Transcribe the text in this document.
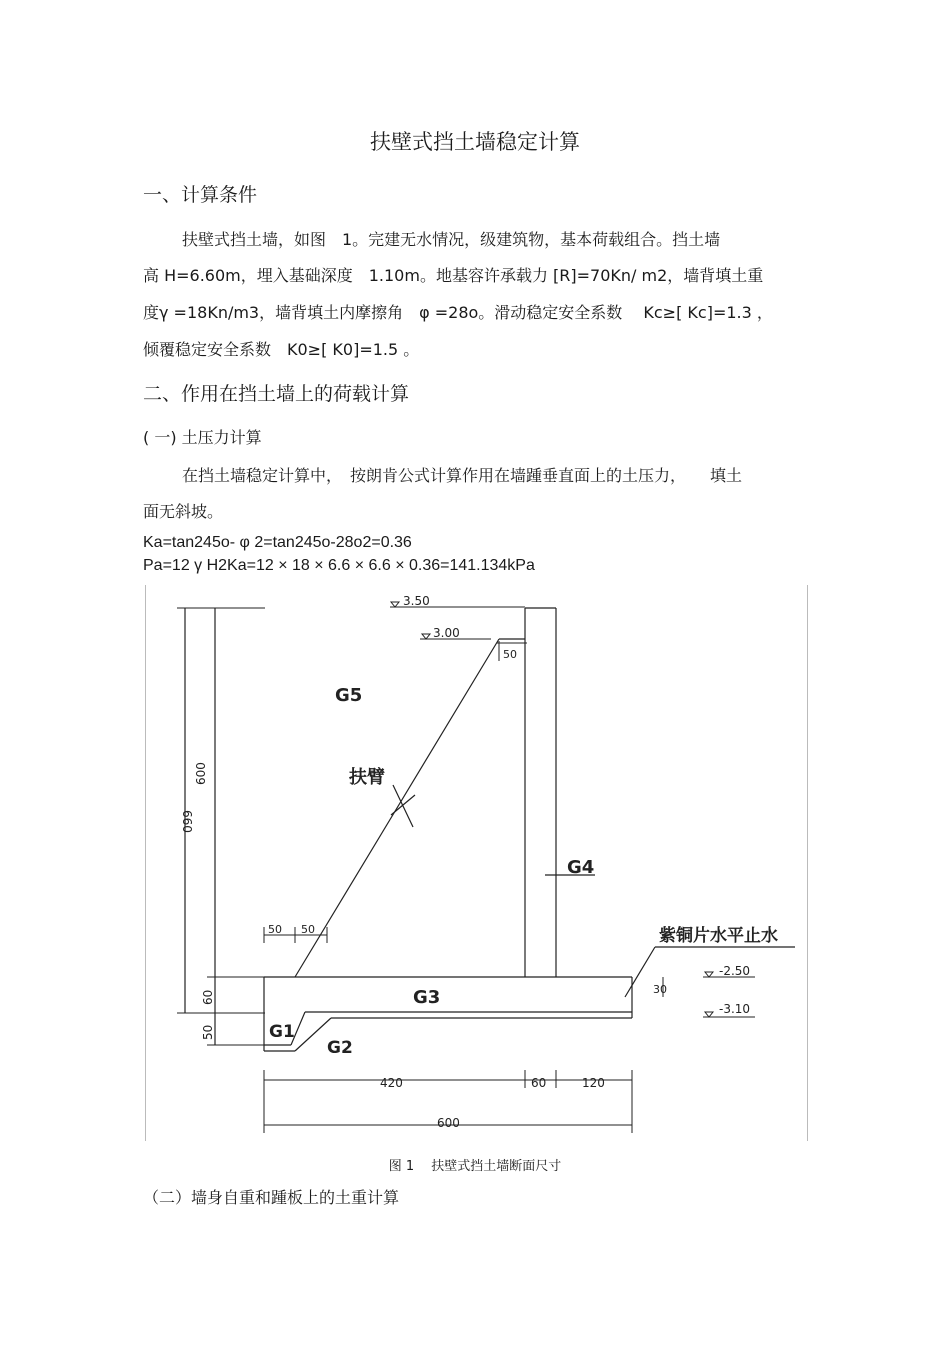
扶壁式挡土墙稳定计算
一、计算条件
扶壁式挡土墙，如图　1。完建无水情况，级建筑物，基本荷载组合。挡土墙
高 H=6.60m，埋入基础深度　1.10m。地基容许承载力 [R]=70Kn/ m2，墙背填土重
度γ =18Kn/m3，墙背填土内摩擦角　φ =28o。滑动稳定安全系数　 Kc≥[ Kc]=1.3 ，
倾覆稳定安全系数　K0≥[ K0]=1.5 。
二、作用在挡土墙上的荷载计算
( 一) 土压力计算
在挡土墙稳定计算中，　按朗肯公式计算作用在墙踵垂直面上的土压力，　　填土
面无斜坡。
Ka=tan245o- φ 2=tan245o-28o2=0.36
Pa=12 γ H2Ka=12 × 18 × 6.6 × 6.6 × 0.36=141.134kPa
3.50
3.00
50
G5
扶臂
G4
紫铜片水平止水
G3
G1
G2
-2.50
-3.10
50 50
30
660
600
60
50
420	60	120
600
图 1　 扶壁式挡土墙断面尺寸
（二）墙身自重和踵板上的土重计算
